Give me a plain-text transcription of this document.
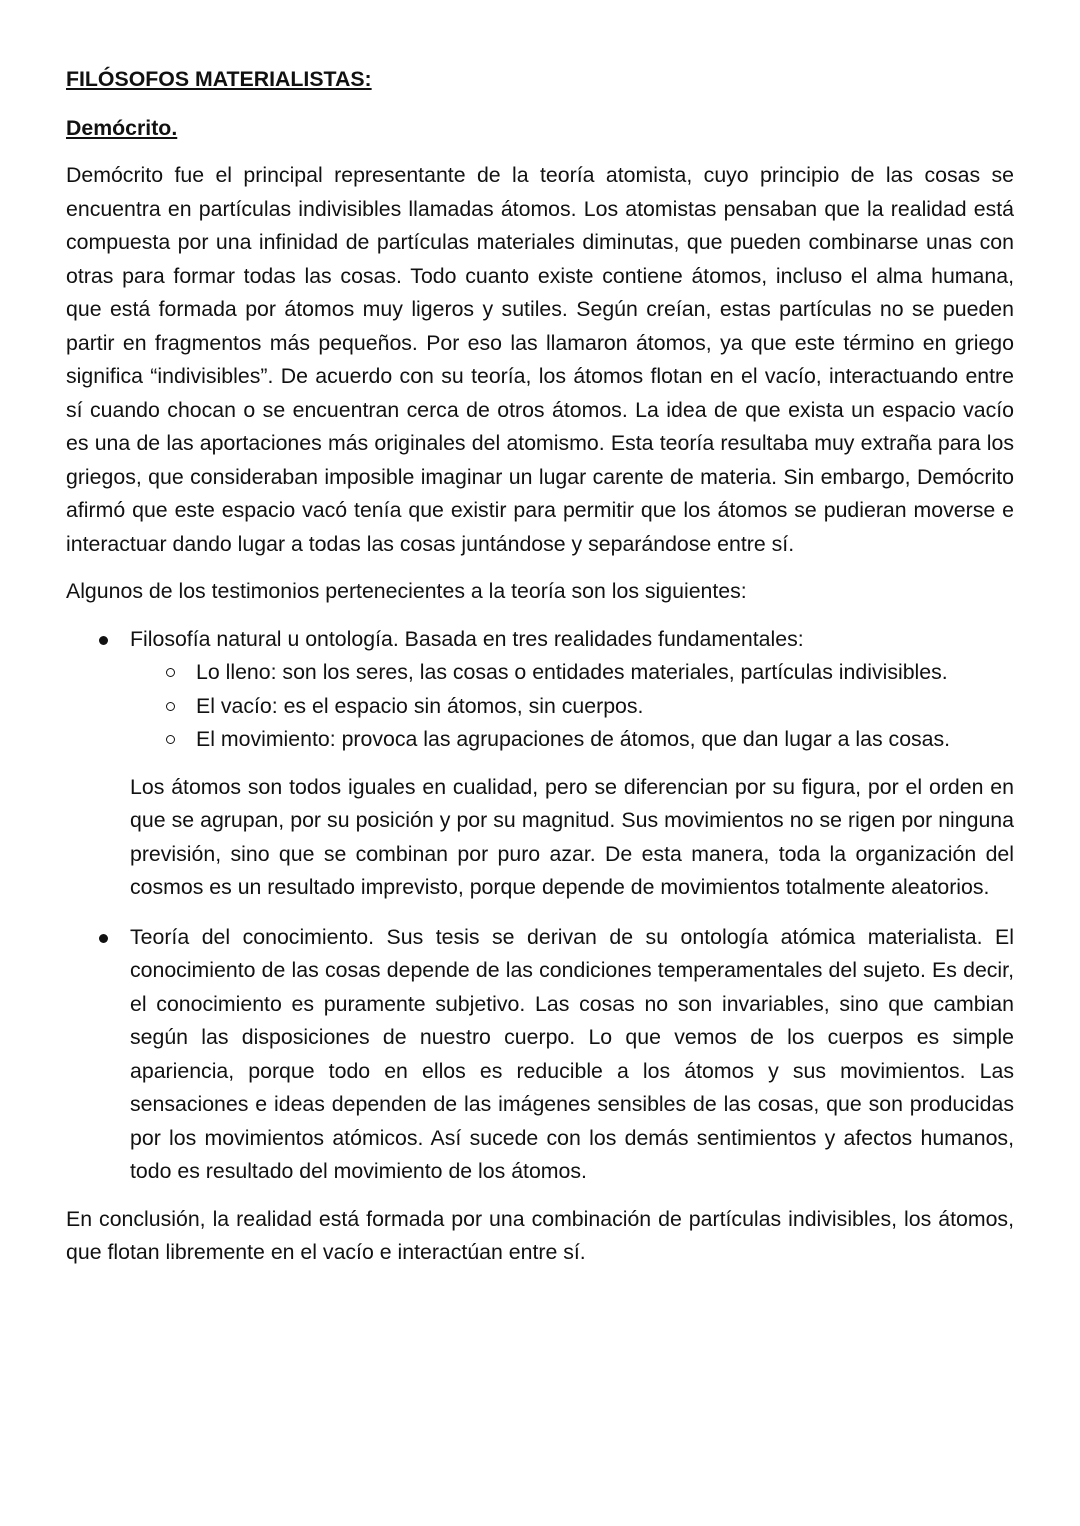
FILÓSOFOS MATERIALISTAS:
Demócrito.

Demócrito fue el principal representante de la teoría atomista, cuyo principio de las cosas se encuentra en partículas indivisibles llamadas átomos. Los atomistas pensaban que la realidad está compuesta por una infinidad de partículas materiales diminutas, que pueden combinarse unas con otras para formar todas las cosas. Todo cuanto existe contiene átomos, incluso el alma humana, que está formada por átomos muy ligeros y sutiles. Según creían, estas partículas no se pueden partir en fragmentos más pequeños. Por eso las llamaron átomos, ya que este término en griego significa “indivisibles”. De acuerdo con su teoría, los átomos flotan en el vacío, interactuando entre sí cuando chocan o se encuentran cerca de otros átomos. La idea de que exista un espacio vacío es una de las aportaciones más originales del atomismo. Esta teoría resultaba muy extraña para los griegos, que consideraban imposible imaginar un lugar carente de materia. Sin embargo, Demócrito afirmó que este espacio vacó tenía que existir para permitir que los átomos se pudieran moverse e interactuar dando lugar a todas las cosas juntándose y separándose entre sí.

Algunos de los testimonios pertenecientes a la teoría son los siguientes:

Filosofía natural u ontología. Basada en tres realidades fundamentales:
Lo lleno: son los seres, las cosas o entidades materiales, partículas indivisibles.
El vacío: es el espacio sin átomos, sin cuerpos.
El movimiento: provoca las agrupaciones de átomos, que dan lugar a las cosas.

Los átomos son todos iguales en cualidad, pero se diferencian por su figura, por el orden en que se agrupan, por su posición y por su magnitud. Sus movimientos no se rigen por ninguna previsión, sino que se combinan por puro azar. De esta manera, toda la organización del cosmos es un resultado imprevisto, porque depende de movimientos totalmente aleatorios.

Teoría del conocimiento. Sus tesis se derivan de su ontología atómica materialista. El conocimiento de las cosas depende de las condiciones temperamentales del sujeto. Es decir, el conocimiento es puramente subjetivo. Las cosas no son invariables, sino que cambian según las disposiciones de nuestro cuerpo. Lo que vemos de los cuerpos es simple apariencia, porque todo en ellos es reducible a los átomos y sus movimientos. Las sensaciones e ideas dependen de las imágenes sensibles de las cosas, que son producidas por los movimientos atómicos. Así sucede con los demás sentimientos y afectos humanos, todo es resultado del movimiento de los átomos.

En conclusión, la realidad está formada por una combinación de partículas indivisibles, los átomos, que flotan libremente en el vacío e interactúan entre sí.
